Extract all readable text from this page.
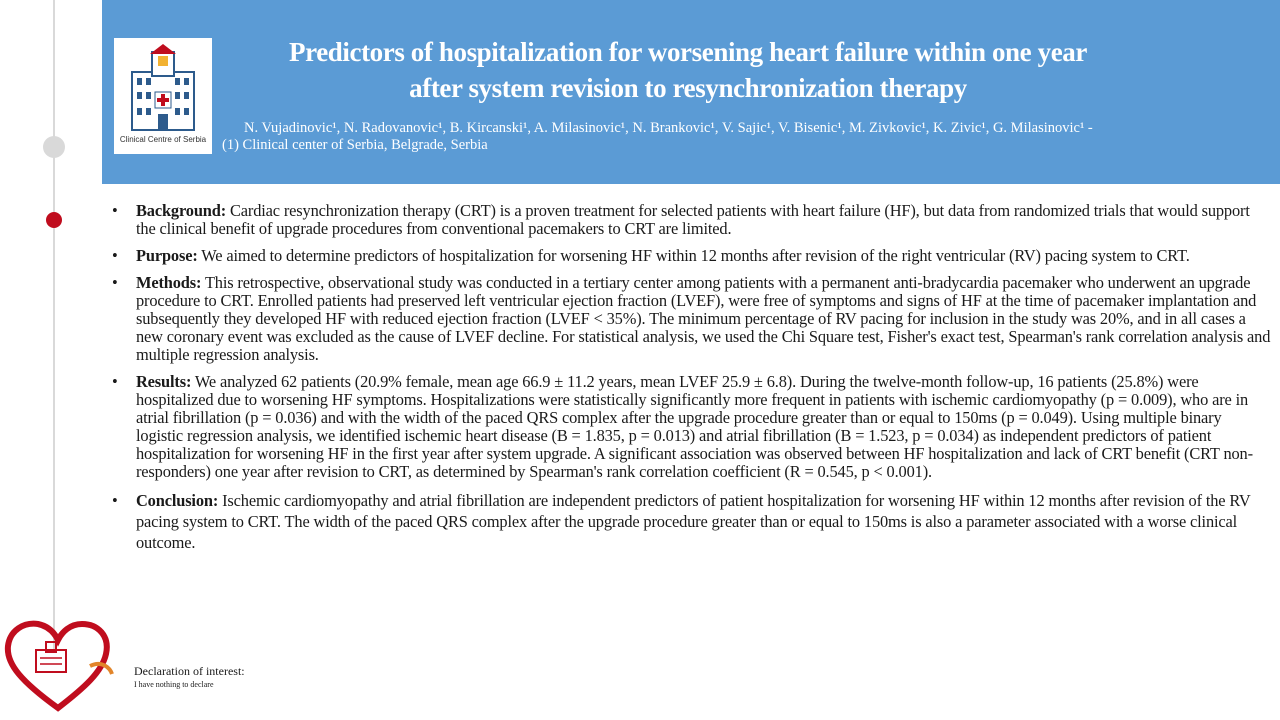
Clinical Centre of Serbia
Predictors of hospitalization for worsening heart failure within one year
after system revision to resynchronization therapy
N. Vujadinovic¹, N. Radovanovic¹, B. Kircanski¹, A. Milasinovic¹, N. Brankovic¹, V. Sajic¹, V. Bisenic¹, M. Zivkovic¹, K. Zivic¹, G. Milasinovic¹ -
(1) Clinical center of Serbia, Belgrade, Serbia
• Background: Cardiac resynchronization therapy (CRT) is a proven treatment for selected patients with heart failure (HF), but data from randomized trials that would support the clinical benefit of upgrade procedures from conventional pacemakers to CRT are limited.
• Purpose: We aimed to determine predictors of hospitalization for worsening HF within 12 months after revision of the right ventricular (RV) pacing system to CRT.
• Methods: This retrospective, observational study was conducted in a tertiary center among patients with a permanent anti-bradycardia pacemaker who underwent an upgrade procedure to CRT. Enrolled patients had preserved left ventricular ejection fraction (LVEF), were free of symptoms and signs of HF at the time of pacemaker implantation and subsequently they developed HF with reduced ejection fraction (LVEF < 35%). The minimum percentage of RV pacing for inclusion in the study was 20%, and in all cases a new coronary event was excluded as the cause of LVEF decline. For statistical analysis, we used the Chi Square test, Fisher's exact test, Spearman's rank correlation analysis and multiple regression analysis.
• Results: We analyzed 62 patients (20.9% female, mean age 66.9 ± 11.2 years, mean LVEF 25.9 ± 6.8). During the twelve-month follow-up, 16 patients (25.8%) were hospitalized due to worsening HF symptoms. Hospitalizations were statistically significantly more frequent in patients with ischemic cardiomyopathy (p = 0.009), who are in atrial fibrillation (p = 0.036) and with the width of the paced QRS complex after the upgrade procedure greater than or equal to 150ms (p = 0.049). Using multiple binary logistic regression analysis, we identified ischemic heart disease (B = 1.835, p = 0.013) and atrial fibrillation (B = 1.523, p = 0.034) as independent predictors of patient hospitalization for worsening HF in the first year after system upgrade. A significant association was observed between HF hospitalization and lack of CRT benefit (CRT non-responders) one year after revision to CRT, as determined by Spearman's rank correlation coefficient (R = 0.545, p < 0.001).
• Conclusion: Ischemic cardiomyopathy and atrial fibrillation are independent predictors of patient hospitalization for worsening HF within 12 months after revision of the RV pacing system to CRT. The width of the paced QRS complex after the upgrade procedure greater than or equal to 150ms is also a parameter associated with a worse clinical outcome.
Declaration of interest:
I have nothing to declare
